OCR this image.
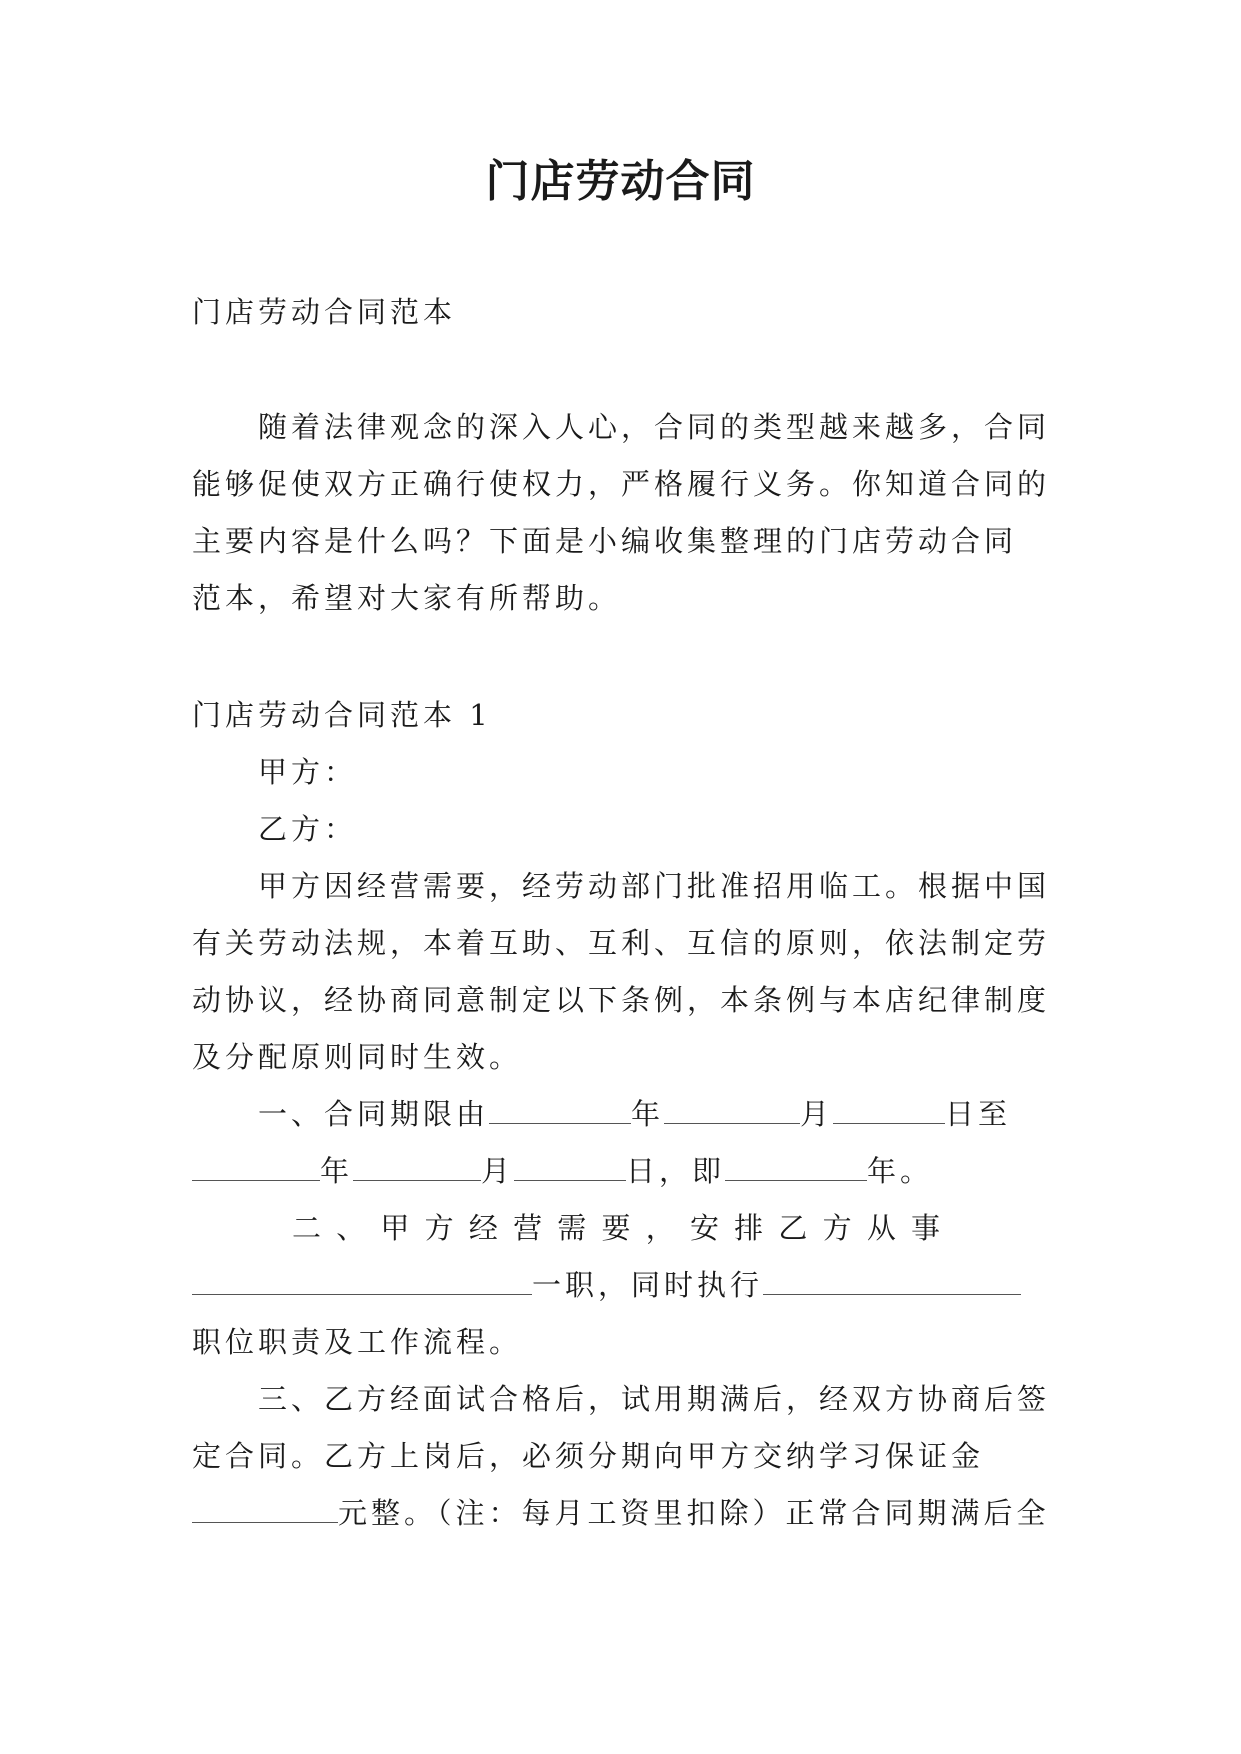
门店劳动合同
门店劳动合同范本
随着法律观念的深入人心，合同的类型越来越多，合同
能够促使双方正确行使权力，严格履行义务。你知道合同的
主要内容是什么吗？下面是小编收集整理的门店劳动合同
范本，希望对大家有所帮助。
门店劳动合同范本 1
甲方：
乙方：
甲方因经营需要，经劳动部门批准招用临工。根据中国
有关劳动法规，本着互助、互利、互信的原则，依法制定劳
动协议，经协商同意制定以下条例，本条例与本店纪律制度
及分配原则同时生效。
一、合同期限由	年	月	日至
年	月	日，即	年。
二 、 甲 方 经 营 需 要 ， 安 排 乙 方 从 事
一职，同时执行
职位职责及工作流程。
三、乙方经面试合格后，试用期满后，经双方协商后签
定合同。乙方上岗后，必须分期向甲方交纳学习保证金
元整。（注：每月工资里扣除）正常合同期满后全
